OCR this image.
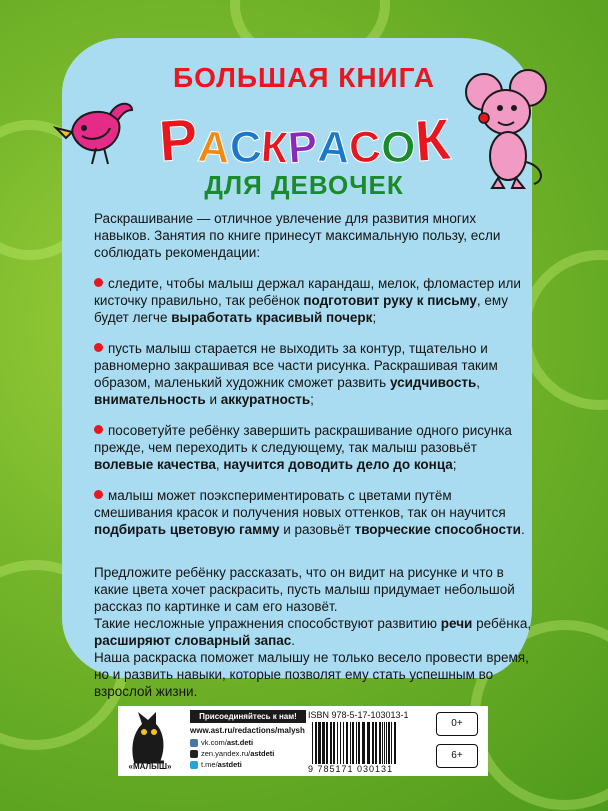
БОЛЬШАЯ КНИГА
Р
А
С
К
Р
А
С
О
К
ДЛЯ ДЕВОЧЕК

Раскрашивание — отличное увлечение для развития многих навыков. Занятия по книге принесут максимальную пользу, если соблюдать рекомендации:

следите, чтобы малыш держал карандаш, мелок, фломастер или кисточку правильно, так ребёнок подготовит руку к письму, ему будет легче выработать красивый почерк;

пусть малыш старается не выходить за контур, тщательно и равномерно закрашивая все части рисунка. Раскрашивая таким образом, маленький художник сможет развить усидчивость, внимательность и аккуратность;

посоветуйте ребёнку завершить раскрашивание одного рисунка прежде, чем переходить к следующему, так малыш разовьёт волевые качества, научится доводить дело до конца;

малыш может поэкспериментировать с цветами путём смешивания красок и получения новых оттенков, так он научится подбирать цветовую гамму и разовьёт творческие способности.

Предложите ребёнку рассказать, что он видит на рисунке и что в какие цвета хочет раскрасить, пусть малыш придумает небольшой рассказ по картинке и сам его назовёт.

Такие несложные упражнения способствуют развитию речи ребёнка, расширяют словарный запас.

Наша раскраска поможет малышу не только весело провести время, но и развить навыки, которые позволят ему стать успешным во взрослой жизни.

«МАЛЫШ»
Присоединяйтесь к нам!
www.ast.ru/redactions/malysh
vk.com/ ast.deti
zen.yandex.ru/ astdeti
t.me/ astdeti
ISBN 978-5-17-103013-1
9 785171 030131
0+
6+
